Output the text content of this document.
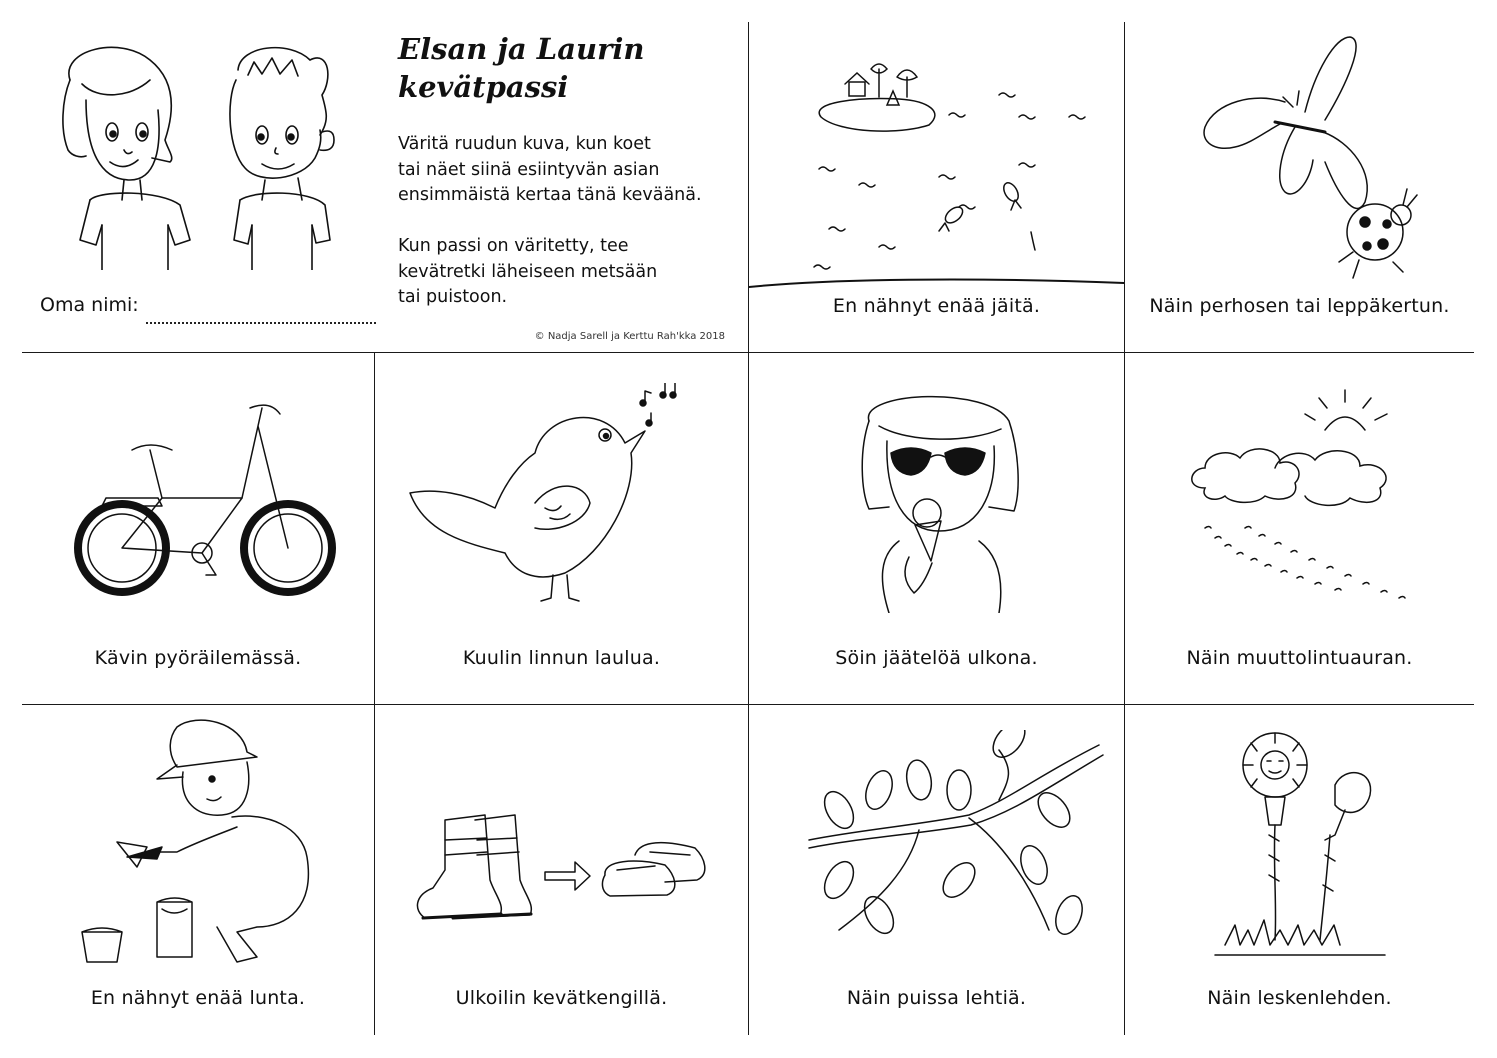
Elsan ja Laurin
kevätpassi
Väritä ruudun kuva, kun koet
tai näet siinä esiintyvän asian
ensimmäistä kertaa tänä keväänä.
Kun passi on väritetty, tee
kevätretki läheiseen metsään
tai puistoon.
Oma nimi:
© Nadja Sarell ja Kerttu Rah'kka 2018
En nähnyt enää jäitä.	Näin perhosen tai leppäkertun.
Kävin pyöräilemässä.	Kuulin linnun laulua.	Söin jäätelöä ulkona.	Näin muuttolintuauran.
En nähnyt enää lunta.	Ulkoilin kevätkengillä.	Näin puissa lehtiä.	Näin leskenlehden.
